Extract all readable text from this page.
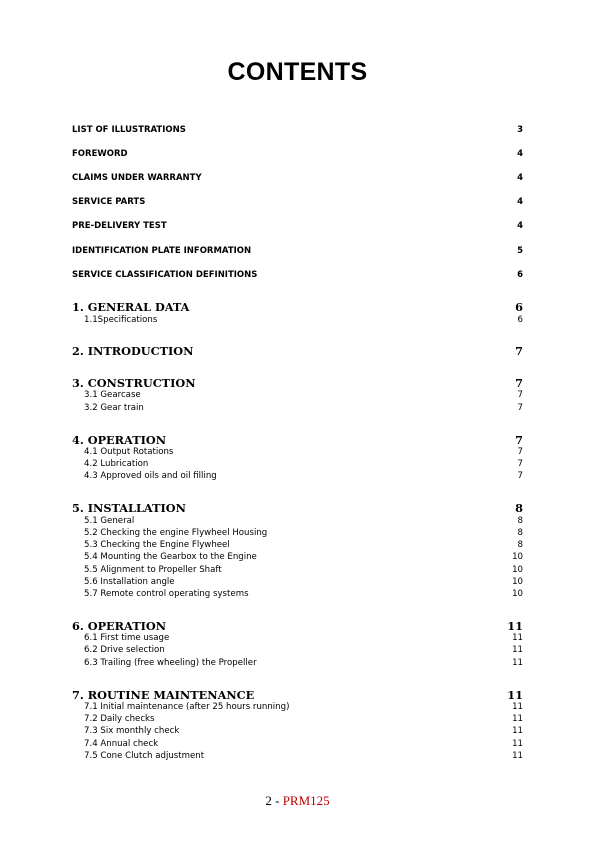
CONTENTS
LIST OF ILLUSTRATIONS	3
FOREWORD	4
CLAIMS UNDER WARRANTY	4
SERVICE PARTS	4
PRE-DELIVERY TEST	4
IDENTIFICATION PLATE INFORMATION	5
SERVICE CLASSIFICATION DEFINITIONS	6
1. GENERAL DATA	6
1.1Specifications	6
2. INTRODUCTION	7
3. CONSTRUCTION	7
3.1 Gearcase	7
3.2 Gear train	7
4. OPERATION	7
4.1 Output Rotations	7
4.2 Lubrication	7
4.3 Approved oils and oil filling	7
5. INSTALLATION	8
5.1 General	8
5.2 Checking the engine Flywheel Housing	8
5.3 Checking the Engine Flywheel	8
5.4 Mounting the Gearbox to the Engine	10
5.5 Alignment to Propeller Shaft	10
5.6 Installation angle	10
5.7 Remote control operating systems	10
6. OPERATION	11
6.1 First time usage	11
6.2 Drive selection	11
6.3 Trailing (free wheeling) the Propeller	11
7. ROUTINE MAINTENANCE	11
7.1 Initial maintenance (after 25 hours running)	11
7.2 Daily checks	11
7.3 Six monthly check	11
7.4 Annual check	11
7.5 Cone Clutch adjustment	11
2 - PRM125
